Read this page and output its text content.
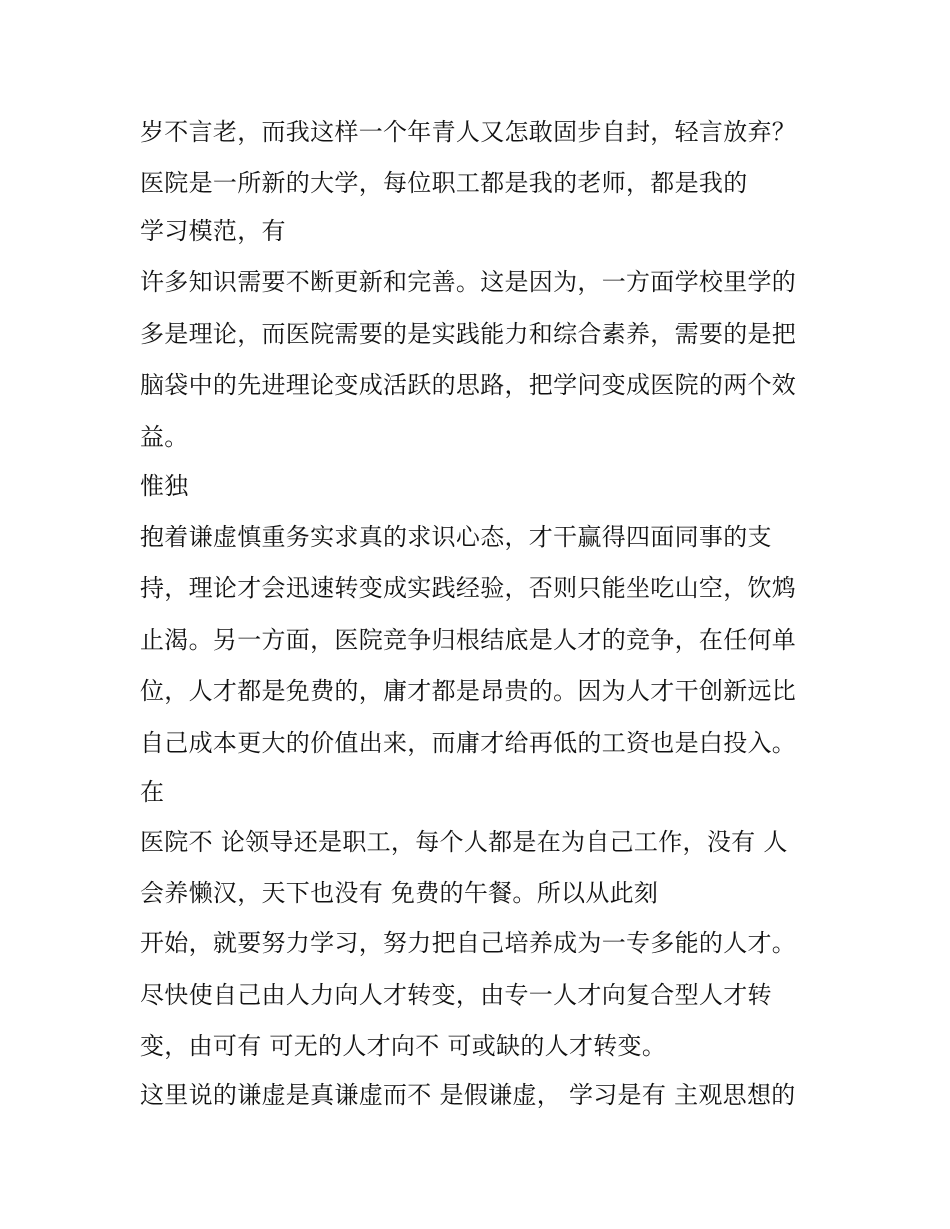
岁不言老，而我这样一个年青人又怎敢固步自封，轻言放弃？
医院是一所新的大学，每位职工都是我的老师，都是我的
学习模范，有
许多知识需要不断更新和完善。这是因为，一方面学校里学的
多是理论，而医院需要的是实践能力和综合素养，需要的是把
脑袋中的先进理论变成活跃的思路，把学问变成医院的两个效
益。
惟独
抱着谦虚慎重务实求真的求识心态，才干赢得四面同事的支
持，理论才会迅速转变成实践经验，否则只能坐吃山空，饮鸩
止渴。另一方面，医院竞争归根结底是人才的竞争，在任何单
位，人才都是免费的，庸才都是昂贵的。因为人才干创新远比
自己成本更大的价值出来，而庸才给再低的工资也是白投入。
在
医院不 论领导还是职工，每个人都是在为自己工作，没有 人
会养懒汉，天下也没有 免费的午餐。所以从此刻
开始，就要努力学习，努力把自己培养成为一专多能的人才。
尽快使自己由人力向人才转变，由专一人才向复合型人才转
变，由可有 可无的人才向不 可或缺的人才转变。
这里说的谦虚是真谦虚而不 是假谦虚， 学习是有 主观思想的
